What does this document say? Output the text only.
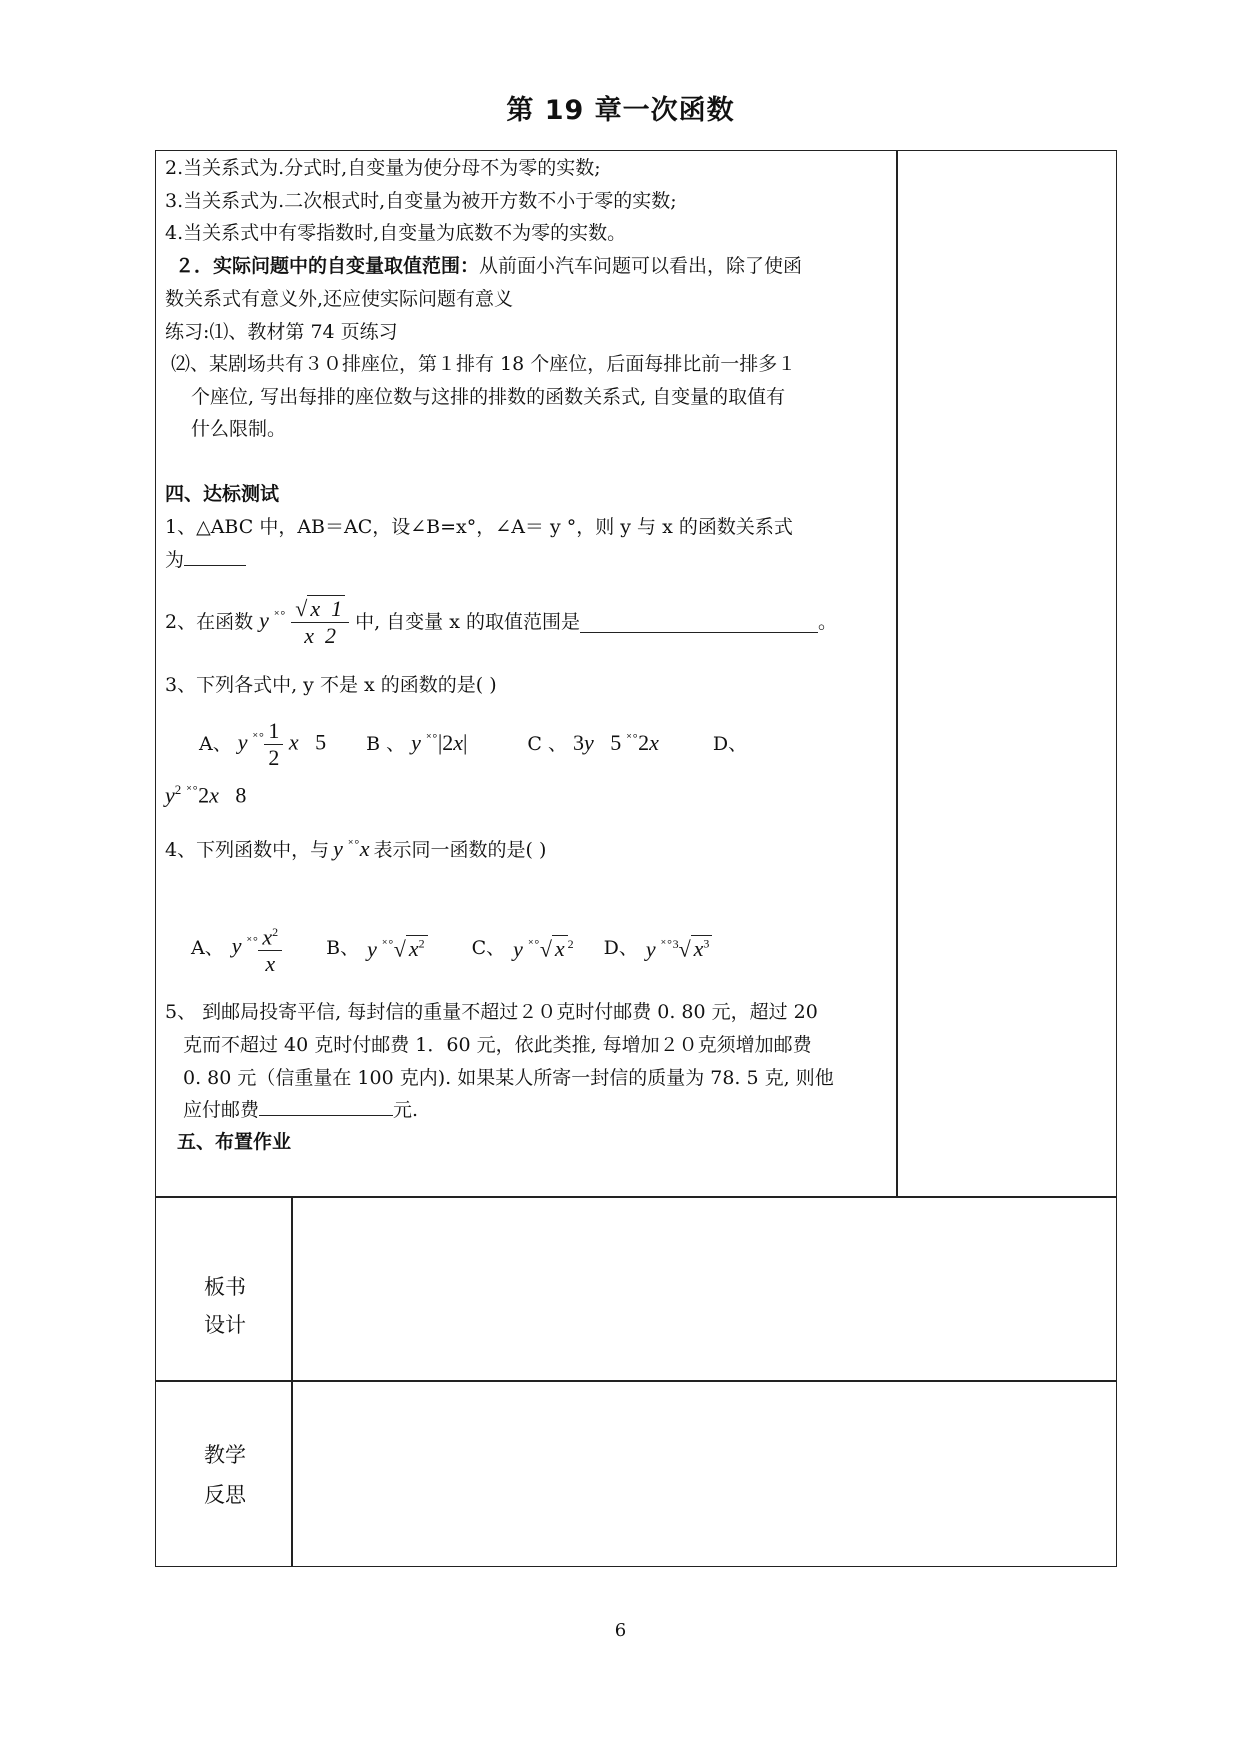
第 19 章一次函数
2.当关系式为.分式时,自变量为使分母不为零的实数;
3.当关系式为.二次根式时,自变量为被开方数不小于零的实数;
4.当关系式中有零指数时,自变量为底数不为零的实数。
２．实际问题中的自变量取值范围：从前面小汽车问题可以看出，除了使函
数关系式有意义外,还应使实际问题有意义
练习:⑴、教材第 74 页练习
⑵、某剧场共有３０排座位，第１排有 18 个座位，后面每排比前一排多１
个座位, 写出每排的座位数与这排的排数的函数关系式, 自变量的取值有
什么限制。
四、达标测试
1、△ABC 中，AB＝AC，设∠B=x°，∠A＝ y °，则 y 与 x 的函数关系式
为
2、在函数 y $^{˟^\circ} \frac{√ x 1}{x 2}$ 中, 自变量 x 的取值范围是	。
3、下列各式中, y 不是 x 的函数的是( )
A、 y $^{˟^\circ} \frac{1}{2}$ x   5 B 、 y ˟°|2x|	C 、 3y   5 ˟°2x	D、
$y^2$ ˟°2x   8
4、下列函数中，与 y ˟°x 表示同一函数的是( )
A、 y $^{˟^\circ} \frac{x^2}{x}$ B、 y ˟°√ $x^2$ C、 y ˟°√ x $^2$ D、 y $^{˟^\circ 3}$√ $x^3$
5、 到邮局投寄平信, 每封信的重量不超过２０克时付邮费 0. 80 元，超过 20
克而不超过 40 克时付邮费 1．60 元，依此类推, 每增加２０克须增加邮费
0. 80 元（信重量在 100 克内). 如果某人所寄一封信的质量为 78. 5 克, 则他
应付邮费	元.
五、布置作业
板书
设计
教学
反思
6
